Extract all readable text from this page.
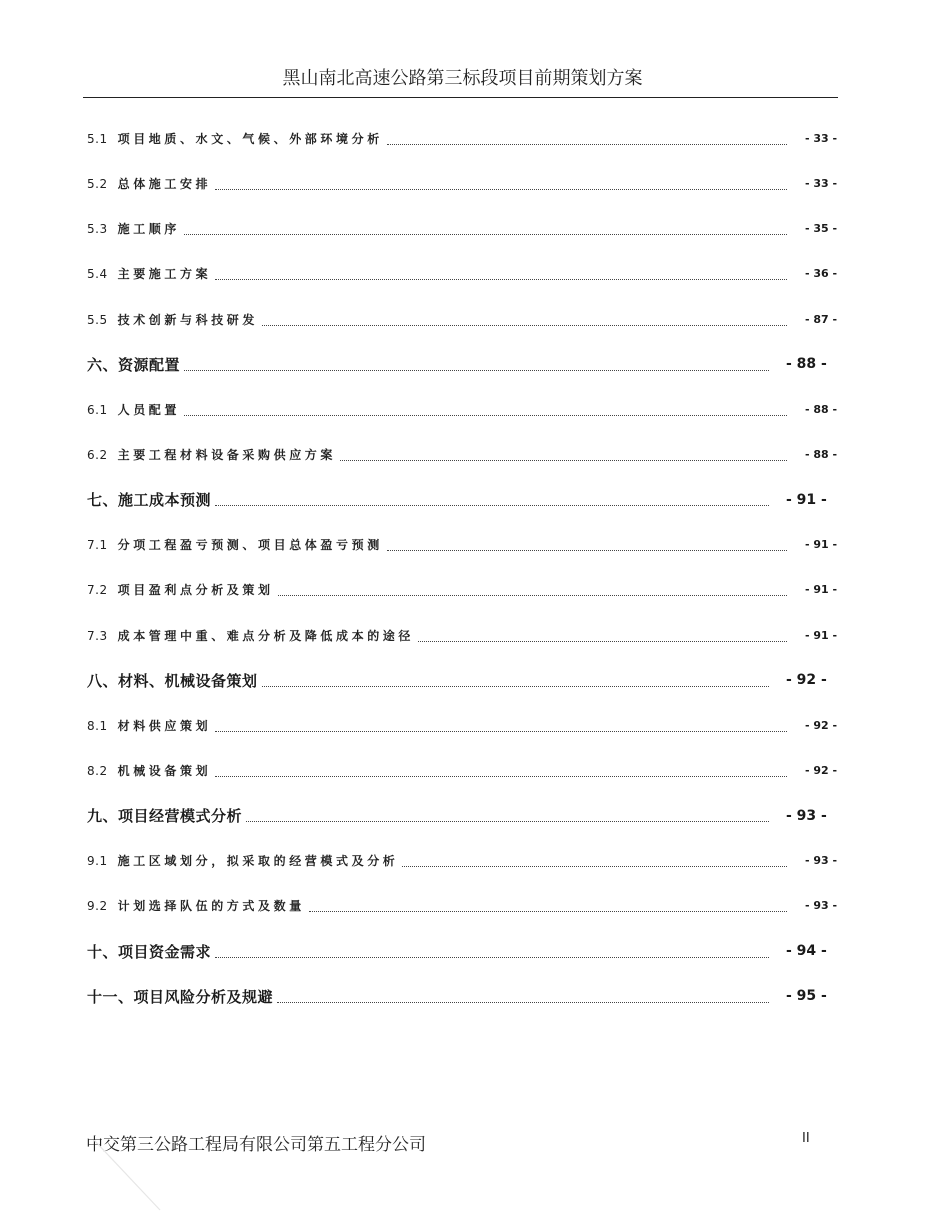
黑山南北高速公路第三标段项目前期策划方案
5.1 项目地质、水文、气候、外部环境分析	- 33 -
5.2 总体施工安排	- 33 -
5.3 施工顺序	- 35 -
5.4 主要施工方案	- 36 -
5.5 技术创新与科技研发	- 87 -
六、资源配置	- 88 -
6.1 人员配置	- 88 -
6.2 主要工程材料设备采购供应方案	- 88 -
七、施工成本预测	- 91 -
7.1 分项工程盈亏预测、项目总体盈亏预测	- 91 -
7.2 项目盈利点分析及策划	- 91 -
7.3 成本管理中重、难点分析及降低成本的途径	- 91 -
八、材料、机械设备策划	- 92 -
8.1 材料供应策划	- 92 -
8.2 机械设备策划	- 92 -
九、项目经营模式分析	- 93 -
9.1 施工区域划分，拟采取的经营模式及分析	- 93 -
9.2 计划选择队伍的方式及数量	- 93 -
十、项目资金需求	- 94 -
十一、项目风险分析及规避	- 95 -
中交第三公路工程局有限公司第五工程分公司	II
